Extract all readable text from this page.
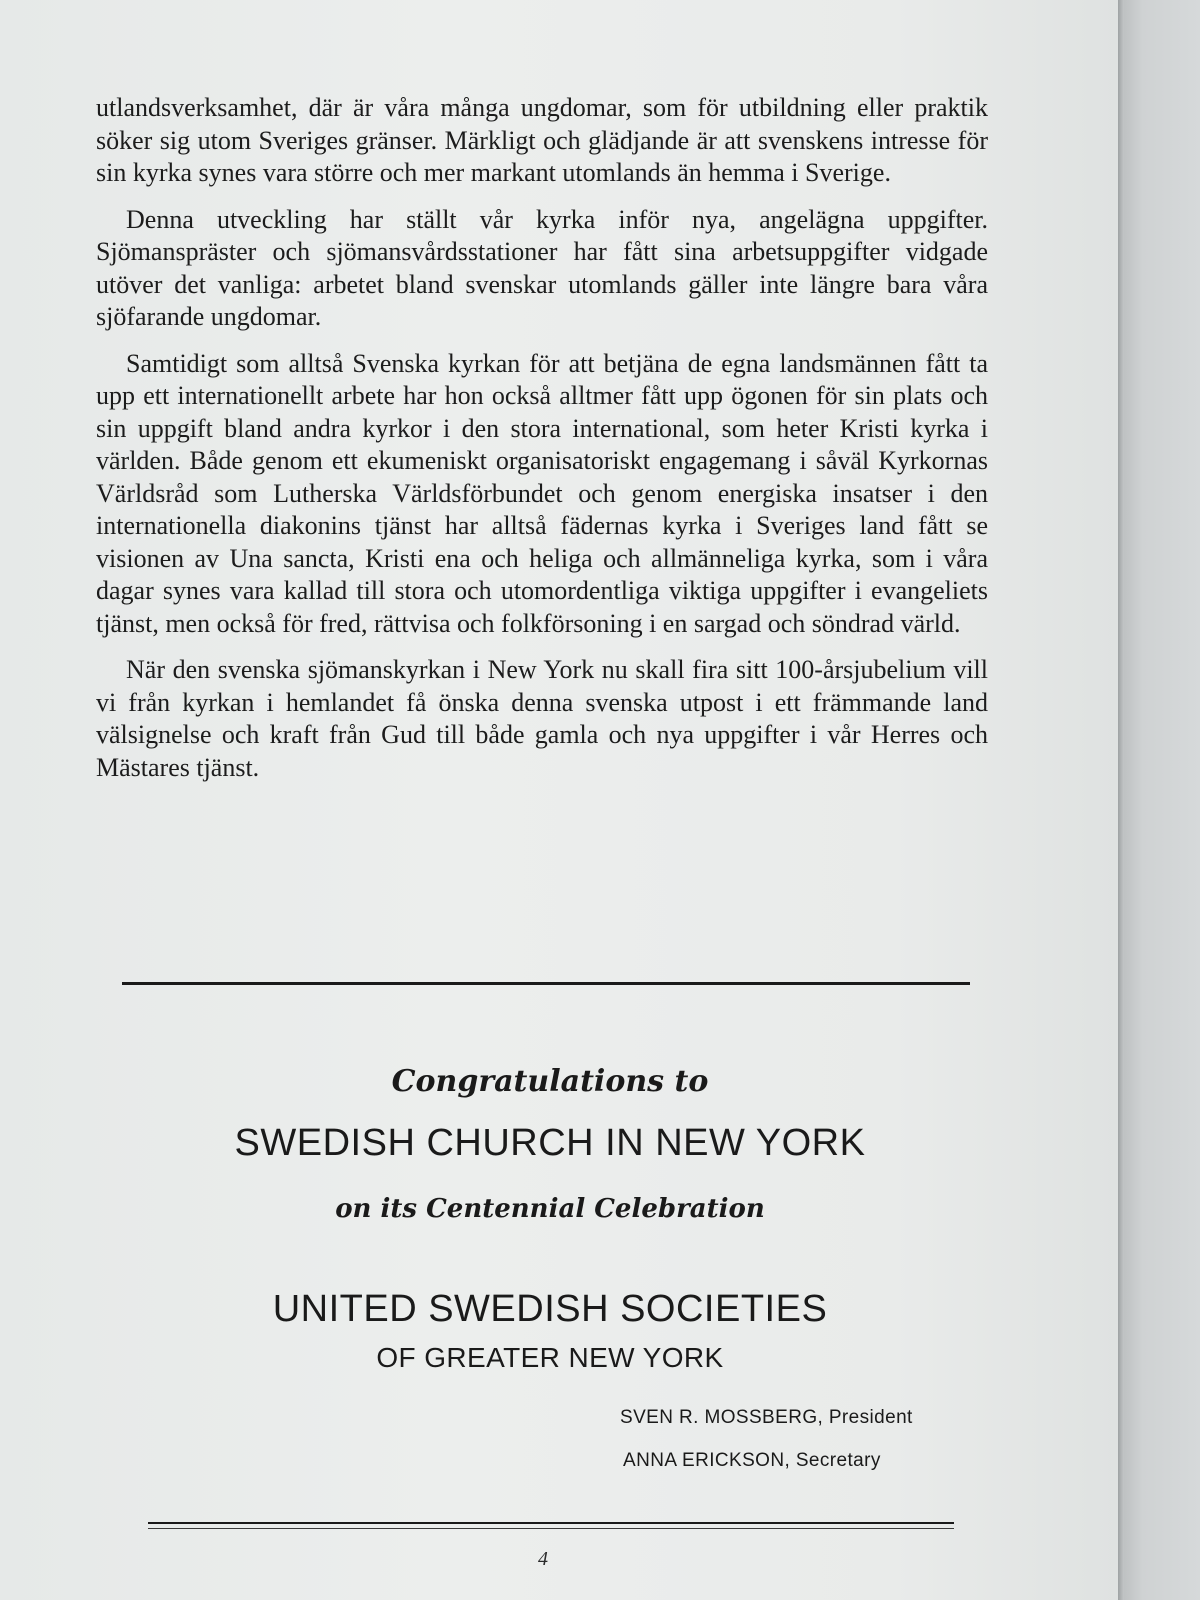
utlandsverksamhet, där är våra många ungdomar, som för utbildning eller praktik söker sig utom Sveriges gränser. Märkligt och glädjande är att svenskens intresse för sin kyrka synes vara större och mer markant utomlands än hemma i Sverige.

Denna utveckling har ställt vår kyrka inför nya, angelägna uppgifter. Sjömanspräster och sjömansvårdsstationer har fått sina arbetsuppgifter vidgade utöver det vanliga: arbetet bland svenskar utomlands gäller inte längre bara våra sjöfarande ungdomar.

Samtidigt som alltså Svenska kyrkan för att betjäna de egna landsmännen fått ta upp ett internationellt arbete har hon också alltmer fått upp ögonen för sin plats och sin uppgift bland andra kyrkor i den stora international, som heter Kristi kyrka i världen. Både genom ett ekumeniskt organisatoriskt engagemang i såväl Kyrkornas Världsråd som Lutherska Världsförbundet och genom energiska insatser i den internationella diakonins tjänst har alltså fädernas kyrka i Sveriges land fått se visionen av Una sancta, Kristi ena och heliga och allmänneliga kyrka, som i våra dagar synes vara kallad till stora och utomordentliga viktiga uppgifter i evangeliets tjänst, men också för fred, rättvisa och folkförsoning i en sargad och söndrad värld.

När den svenska sjömanskyrkan i New York nu skall fira sitt 100-årsjubelium vill vi från kyrkan i hemlandet få önska denna svenska utpost i ett främmande land välsignelse och kraft från Gud till både gamla och nya uppgifter i vår Herres och Mästares tjänst.

Congratulations to
SWEDISH CHURCH IN NEW YORK
on its Centennial Celebration
UNITED SWEDISH SOCIETIES
OF GREATER NEW YORK
SVEN R. MOSSBERG, President
ANNA ERICKSON, Secretary
4
